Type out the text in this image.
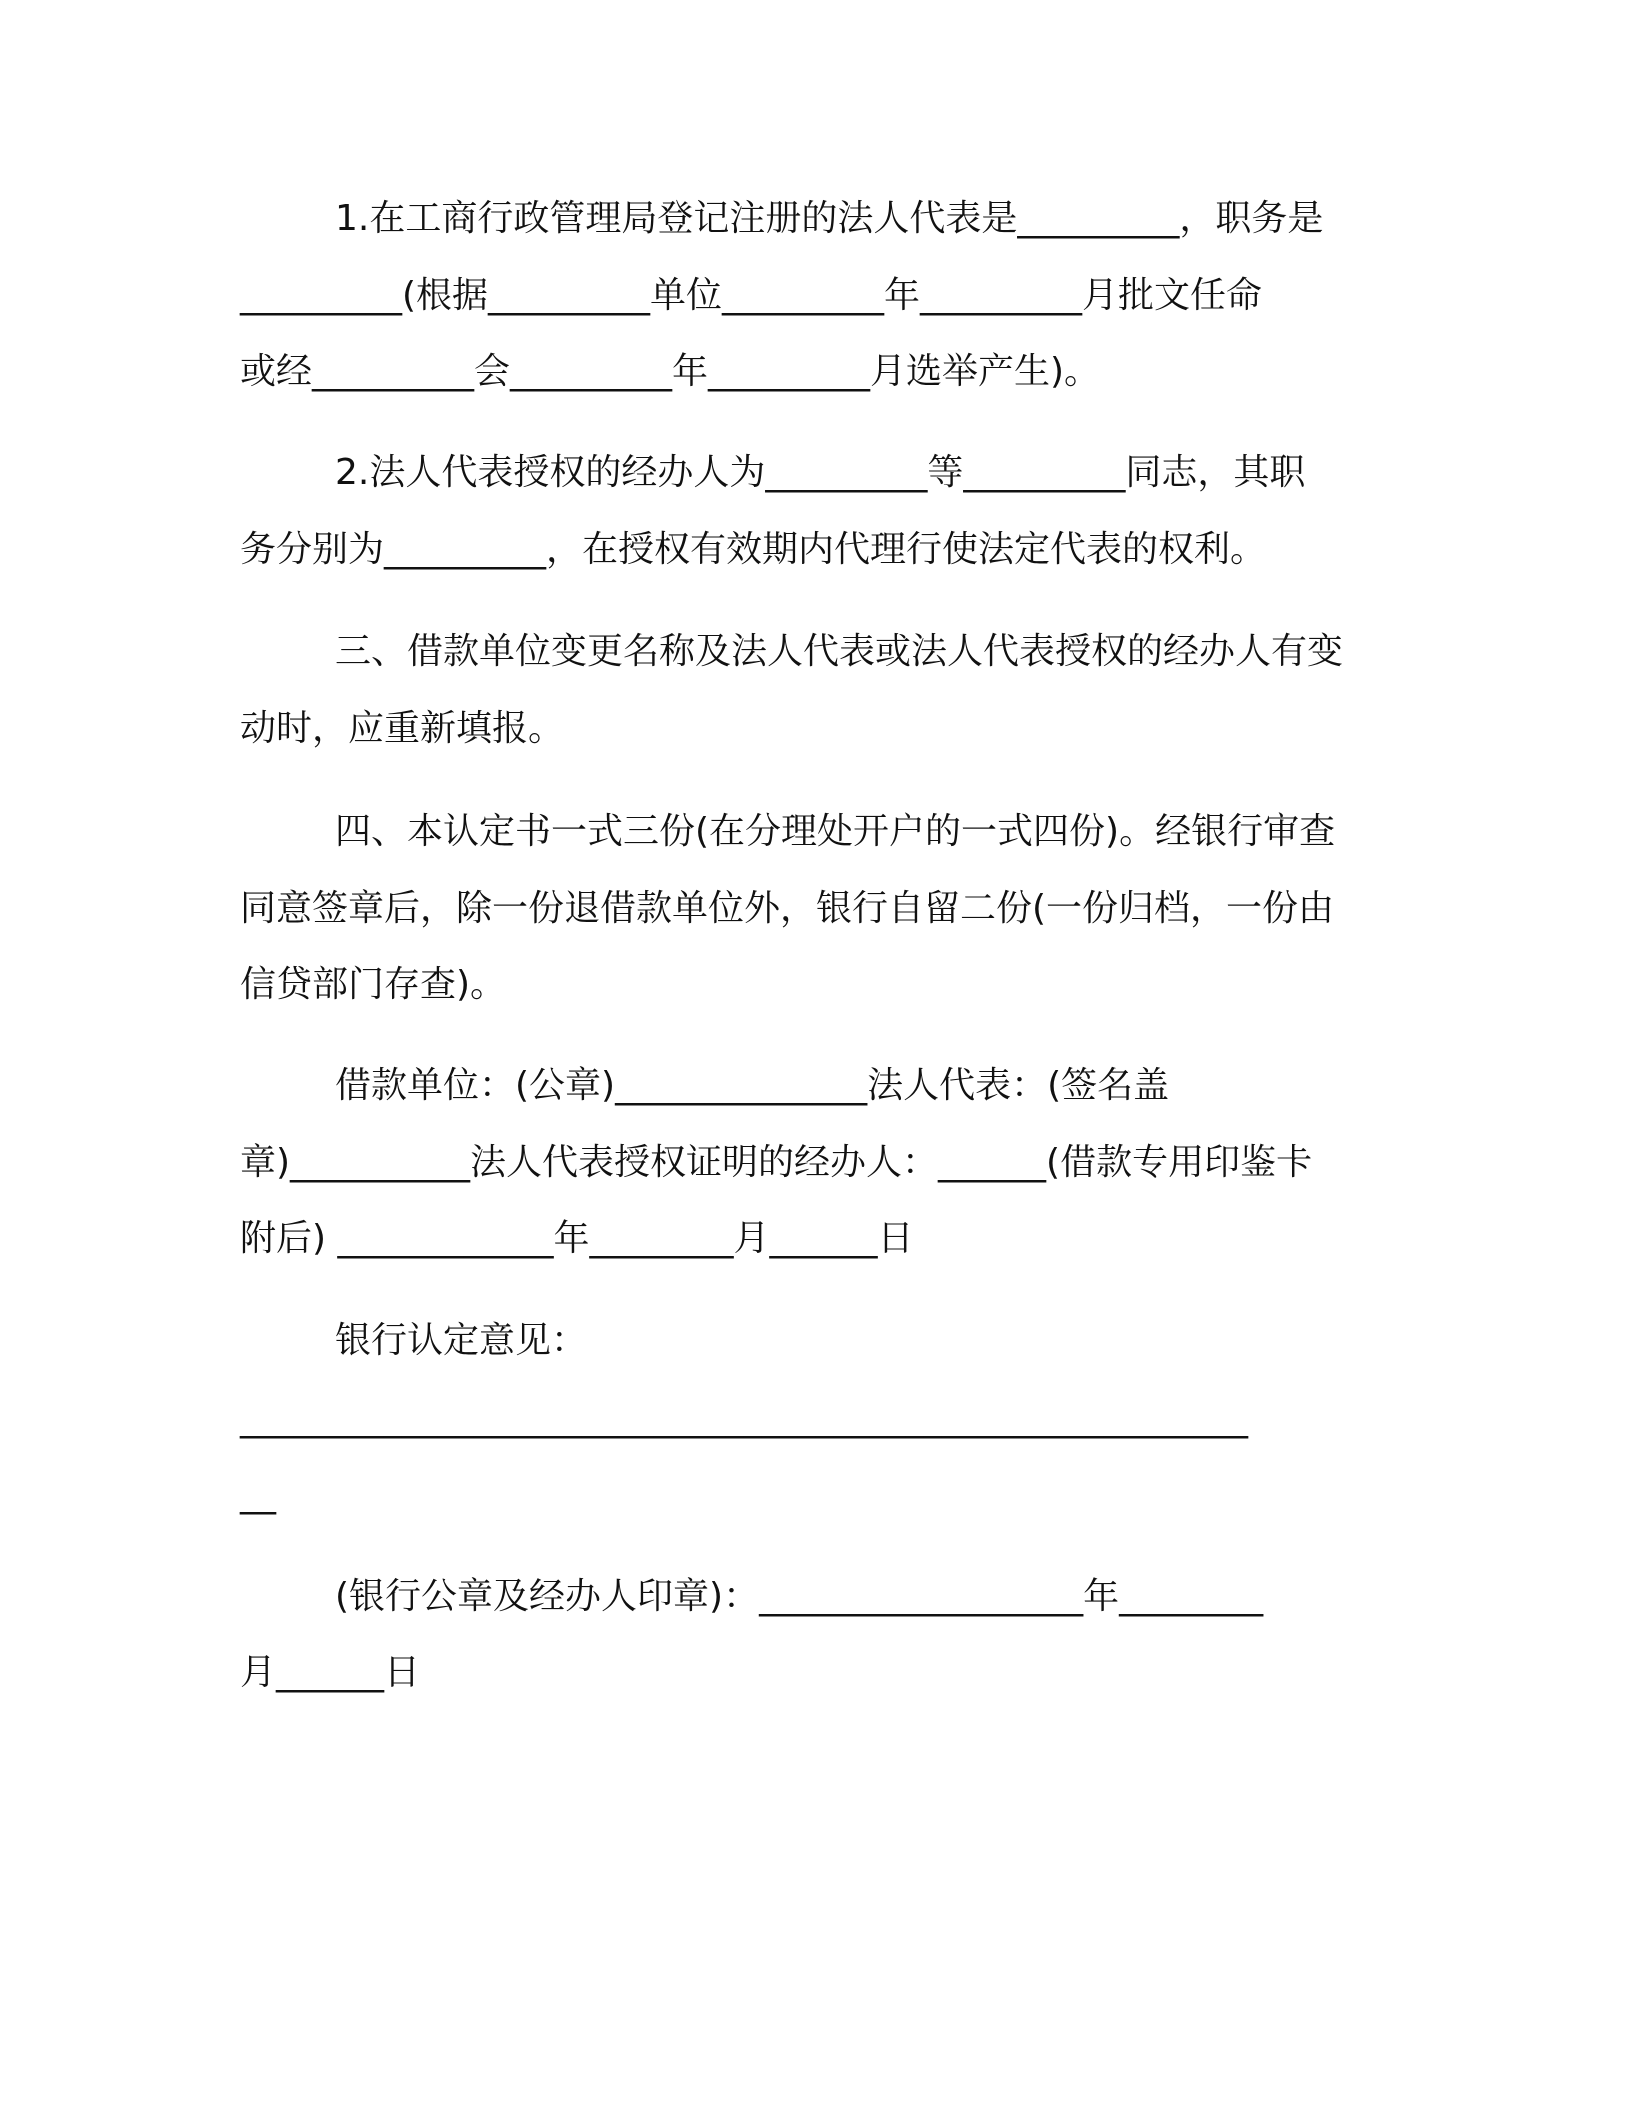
1.在工商行政管理局登记注册的法人代表是_________，职务是
_________(根据_________单位_________年_________月批文任命
或经_________会_________年_________月选举产生)。
2.法人代表授权的经办人为_________等_________同志，其职
务分别为_________，在授权有效期内代理行使法定代表的权利。
三、借款单位变更名称及法人代表或法人代表授权的经办人有变
动时，应重新填报。
四、本认定书一式三份(在分理处开户的一式四份)。经银行审查
同意签章后，除一份退借款单位外，银行自留二份(一份归档，一份由
信贷部门存查)。
借款单位：(公章)______________法人代表：(签名盖
章)__________法人代表授权证明的经办人：______(借款专用印鉴卡
附后) ____________年________月______日
银行认定意见：
________________________________________________________
__
(银行公章及经办人印章)：__________________年________
月______日
